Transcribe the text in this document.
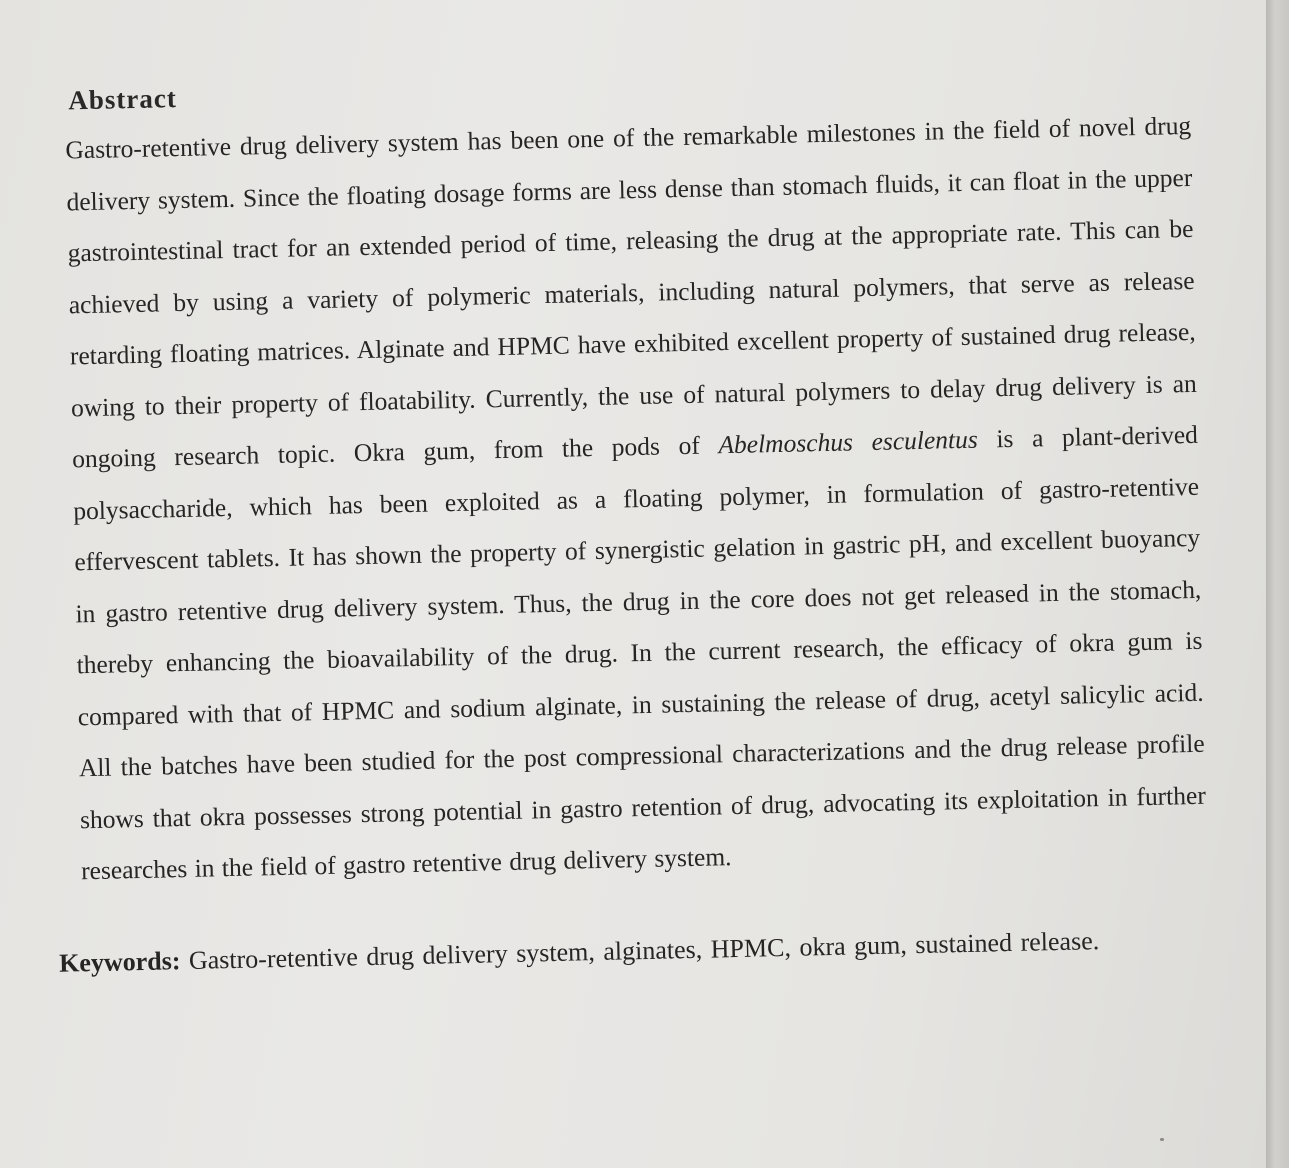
Abstract

Gastro-retentive drug delivery system has been one of the remarkable milestones in the field of novel drug delivery system. Since the floating dosage forms are less dense than stomach fluids, it can float in the upper gastrointestinal tract for an extended period of time, releasing the drug at the appropriate rate. This can be achieved by using a variety of polymeric materials, including natural polymers, that serve as release retarding floating matrices. Alginate and HPMC have exhibited excellent property of sustained drug release, owing to their property of floatability. Currently, the use of natural polymers to delay drug delivery is an ongoing research topic. Okra gum, from the pods of Abelmoschus esculentus is a plant-derived polysaccharide, which has been exploited as a floating polymer, in formulation of gastro-retentive effervescent tablets. It has shown the property of synergistic gelation in gastric pH, and excellent buoyancy in gastro retentive drug delivery system. Thus, the drug in the core does not get released in the stomach, thereby enhancing the bioavailability of the drug. In the current research, the efficacy of okra gum is compared with that of HPMC and sodium alginate, in sustaining the release of drug, acetyl salicylic acid. All the batches have been studied for the post compressional characterizations and the drug release profile shows that okra possesses strong potential in gastro retention of drug, advocating its exploitation in further researches in the field of gastro retentive drug delivery system.

Keywords: Gastro-retentive drug delivery system, alginates, HPMC, okra gum, sustained release.
